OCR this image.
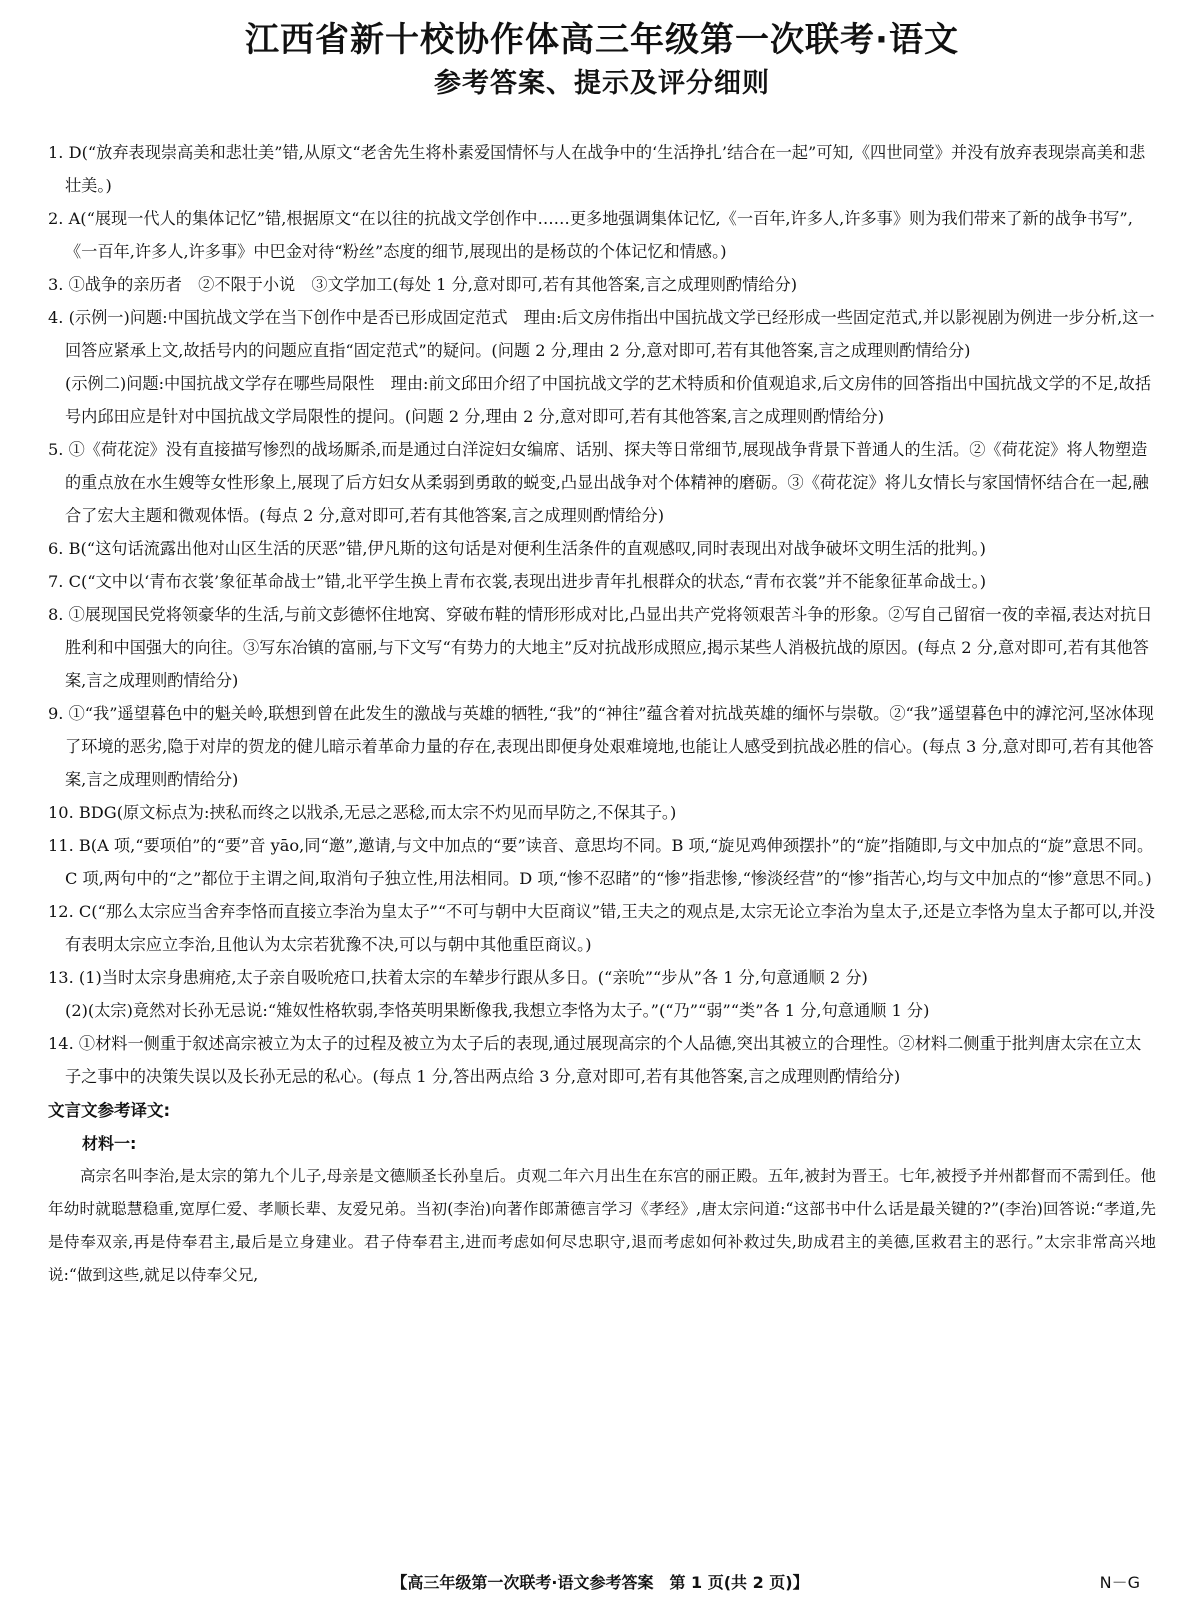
江西省新十校协作体高三年级第一次联考·语文
参考答案、提示及评分细则
1. D(“放弃表现崇高美和悲壮美”错,从原文“老舍先生将朴素爱国情怀与人在战争中的‘生活挣扎’结合在一起”可知,《四世同堂》并没有放弃表现崇高美和悲壮美。)
2. A(“展现一代人的集体记忆”错,根据原文“在以往的抗战文学创作中……更多地强调集体记忆,《一百年,许多人,许多事》则为我们带来了新的战争书写”,《一百年,许多人,许多事》中巴金对待“粉丝”态度的细节,展现出的是杨苡的个体记忆和情感。)
3. ①战争的亲历者　②不限于小说　③文学加工(每处 1 分,意对即可,若有其他答案,言之成理则酌情给分)
4. (示例一)问题:中国抗战文学在当下创作中是否已形成固定范式　理由:后文房伟指出中国抗战文学已经形成一些固定范式,并以影视剧为例进一步分析,这一回答应紧承上文,故括号内的问题应直指“固定范式”的疑问。(问题 2 分,理由 2 分,意对即可,若有其他答案,言之成理则酌情给分)
(示例二)问题:中国抗战文学存在哪些局限性　理由:前文邱田介绍了中国抗战文学的艺术特质和价值观追求,后文房伟的回答指出中国抗战文学的不足,故括号内邱田应是针对中国抗战文学局限性的提问。(问题 2 分,理由 2 分,意对即可,若有其他答案,言之成理则酌情给分)
5. ①《荷花淀》没有直接描写惨烈的战场厮杀,而是通过白洋淀妇女编席、话别、探夫等日常细节,展现战争背景下普通人的生活。②《荷花淀》将人物塑造的重点放在水生嫂等女性形象上,展现了后方妇女从柔弱到勇敢的蜕变,凸显出战争对个体精神的磨砺。③《荷花淀》将儿女情长与家国情怀结合在一起,融合了宏大主题和微观体悟。(每点 2 分,意对即可,若有其他答案,言之成理则酌情给分)
6. B(“这句话流露出他对山区生活的厌恶”错,伊凡斯的这句话是对便利生活条件的直观感叹,同时表现出对战争破坏文明生活的批判。)
7. C(“文中以‘青布衣裳’象征革命战士”错,北平学生换上青布衣裳,表现出进步青年扎根群众的状态,“青布衣裳”并不能象征革命战士。)
8. ①展现国民党将领豪华的生活,与前文彭德怀住地窝、穿破布鞋的情形形成对比,凸显出共产党将领艰苦斗争的形象。②写自己留宿一夜的幸福,表达对抗日胜利和中国强大的向往。③写东冶镇的富丽,与下文写“有势力的大地主”反对抗战形成照应,揭示某些人消极抗战的原因。(每点 2 分,意对即可,若有其他答案,言之成理则酌情给分)
9. ①“我”遥望暮色中的魁关岭,联想到曾在此发生的激战与英雄的牺牲,“我”的“神往”蕴含着对抗战英雄的缅怀与崇敬。②“我”遥望暮色中的滹沱河,坚冰体现了环境的恶劣,隐于对岸的贺龙的健儿暗示着革命力量的存在,表现出即便身处艰难境地,也能让人感受到抗战必胜的信心。(每点 3 分,意对即可,若有其他答案,言之成理则酌情给分)
10. BDG(原文标点为:挟私而终之以戕杀,无忌之恶稔,而太宗不灼见而早防之,不保其子。)
11. B(A 项,“要项伯”的“要”音 yāo,同“邀”,邀请,与文中加点的“要”读音、意思均不同。B 项,“旋见鸡伸颈摆扑”的“旋”指随即,与文中加点的“旋”意思不同。C 项,两句中的“之”都位于主谓之间,取消句子独立性,用法相同。D 项,“惨不忍睹”的“惨”指悲惨,“惨淡经营”的“惨”指苦心,均与文中加点的“惨”意思不同。)
12. C(“那么太宗应当舍弃李恪而直接立李治为皇太子”“不可与朝中大臣商议”错,王夫之的观点是,太宗无论立李治为皇太子,还是立李恪为皇太子都可以,并没有表明太宗应立李治,且他认为太宗若犹豫不决,可以与朝中其他重臣商议。)
13. (1)当时太宗身患痈疮,太子亲自吸吮疮口,扶着太宗的车辇步行跟从多日。(“亲吮”“步从”各 1 分,句意通顺 2 分)
(2)(太宗)竟然对长孙无忌说:“雉奴性格软弱,李恪英明果断像我,我想立李恪为太子。”(“乃”“弱”“类”各 1 分,句意通顺 1 分)
14. ①材料一侧重于叙述高宗被立为太子的过程及被立为太子后的表现,通过展现高宗的个人品德,突出其被立的合理性。②材料二侧重于批判唐太宗在立太子之事中的决策失误以及长孙无忌的私心。(每点 1 分,答出两点给 3 分,意对即可,若有其他答案,言之成理则酌情给分)
文言文参考译文:
材料一:
高宗名叫李治,是太宗的第九个儿子,母亲是文德顺圣长孙皇后。贞观二年六月出生在东宫的丽正殿。五年,被封为晋王。七年,被授予并州都督而不需到任。他年幼时就聪慧稳重,宽厚仁爱、孝顺长辈、友爱兄弟。当初(李治)向著作郎萧德言学习《孝经》,唐太宗问道:“这部书中什么话是最关键的?”(李治)回答说:“孝道,先是侍奉双亲,再是侍奉君主,最后是立身建业。君子侍奉君主,进而考虑如何尽忠职守,退而考虑如何补救过失,助成君主的美德,匡救君主的恶行。”太宗非常高兴地说:“做到这些,就足以侍奉父兄,
【高三年级第一次联考·语文参考答案　第 1 页(共 2 页)】	N－G
